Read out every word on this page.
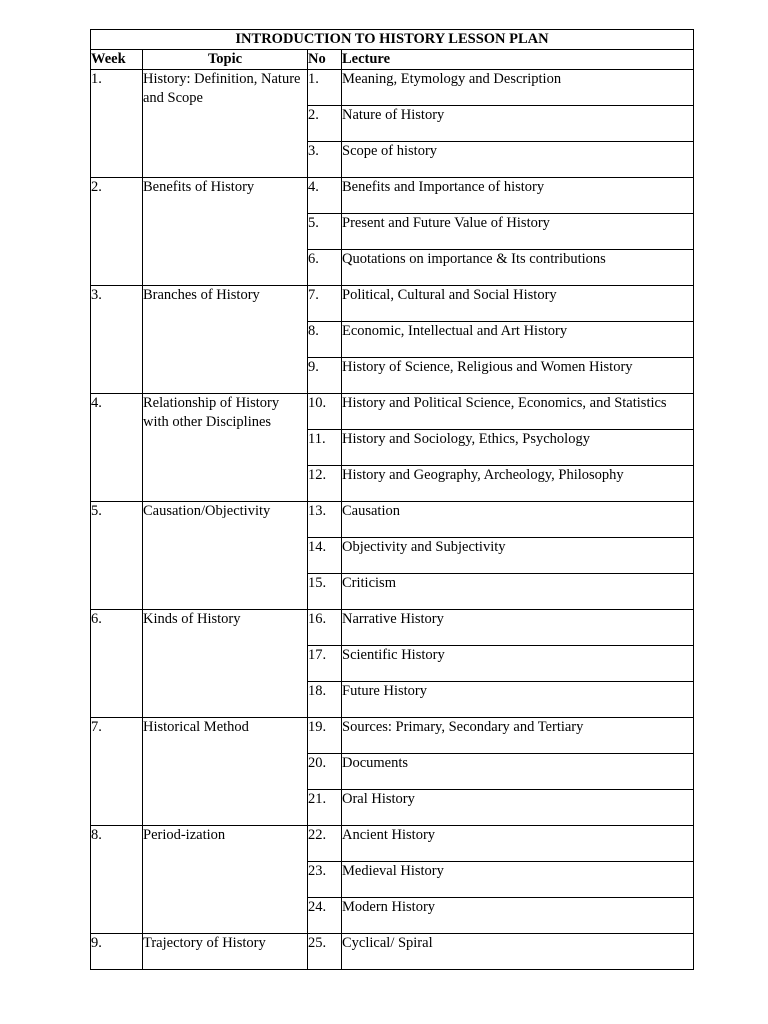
INTRODUCTION TO HISTORY LESSON PLAN			
Week	Topic	No	Lecture
1.	History: Definition, Nature and Scope	1.	Meaning, Etymology and Description
		2.	Nature of History
		3.	Scope of history
2.	Benefits of History	4.	Benefits and Importance of history
		5.	Present and Future Value of History
		6.	Quotations on importance & Its contributions
3.	Branches of History	7.	Political, Cultural and Social History
		8.	Economic, Intellectual and Art History
		9.	History of Science, Religious and Women History
4.	Relationship of History with other Disciplines	10.	History and Political Science, Economics, and Statistics
		11.	History and Sociology, Ethics, Psychology
		12.	History and Geography, Archeology, Philosophy
5.	Causation/Objectivity	13.	Causation
		14.	Objectivity and Subjectivity
		15.	Criticism
6.	Kinds of History	16.	Narrative History
		17.	Scientific History
		18.	Future History
7.	Historical Method	19.	Sources: Primary, Secondary and Tertiary
		20.	Documents
		21.	Oral History
8.	Period-ization	22.	Ancient History
		23.	Medieval History
		24.	Modern History
9.	Trajectory of History	25.	Cyclical/ Spiral
